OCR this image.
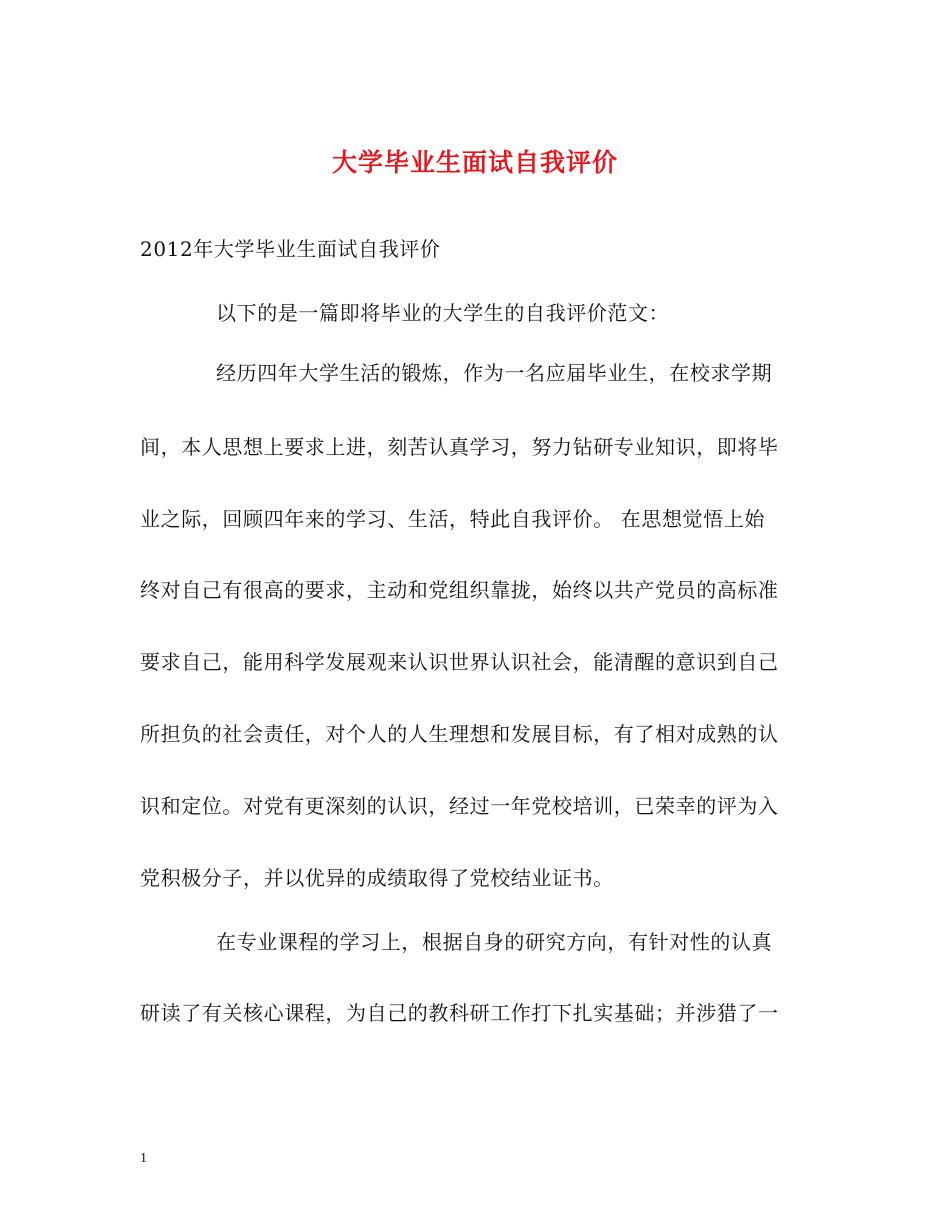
大学毕业生面试自我评价
2012年大学毕业生面试自我评价
以下的是一篇即将毕业的大学生的自我评价范文：
经历四年大学生活的锻炼，作为一名应届毕业生，在校求学期
间，本人思想上要求上进，刻苦认真学习，努力钻研专业知识，即将毕
业之际，回顾四年来的学习、生活，特此自我评价。 在思想觉悟上始
终对自己有很高的要求，主动和党组织靠拢，始终以共产党员的高标准
要求自己，能用科学发展观来认识世界认识社会，能清醒的意识到自己
所担负的社会责任，对个人的人生理想和发展目标，有了相对成熟的认
识和定位。对党有更深刻的认识，经过一年党校培训，已荣幸的评为入
党积极分子，并以优异的成绩取得了党校结业证书。
在专业课程的学习上，根据自身的研究方向，有针对性的认真
研读了有关核心课程，为自己的教科研工作打下扎实基础；并涉猎了一
1
